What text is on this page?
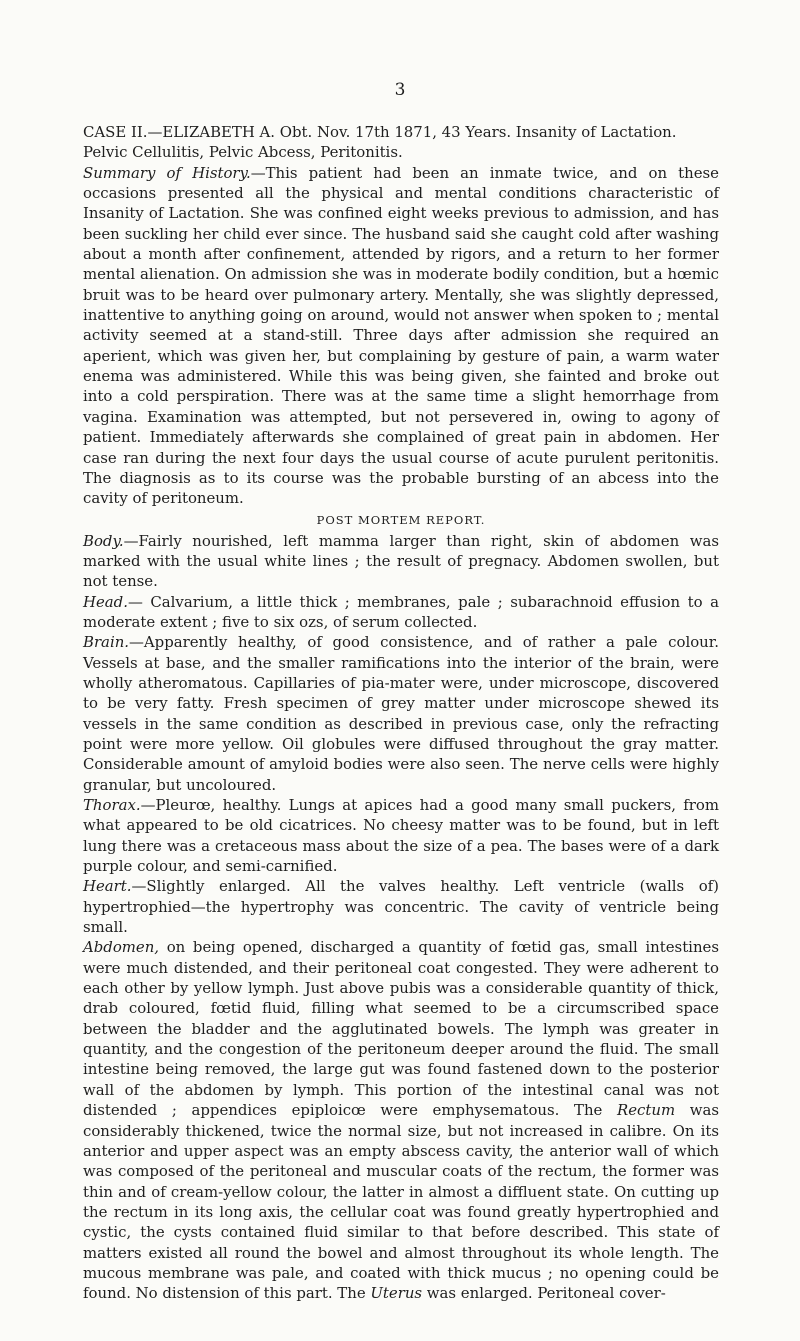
3

CASE II.—ELIZABETH A. Obt. Nov. 17th 1871, 43 Years. Insanity of Lactation. Pelvic Cellulitis, Pelvic Abcess, Peritonitis.

Summary of History.—This patient had been an inmate twice, and on these occasions presented all the physical and mental conditions characteristic of Insanity of Lactation. She was confined eight weeks previous to admission, and has been suckling her child ever since. The husband said she caught cold after washing about a month after confinement, attended by rigors, and a return to her former mental alienation. On admission she was in moderate bodily condition, but a hœmic bruit was to be heard over pulmonary artery. Mentally, she was slightly depressed, inattentive to anything going on around, would not answer when spoken to ; mental activity seemed at a stand-still. Three days after admission she required an aperient, which was given her, but complaining by gesture of pain, a warm water enema was administered. While this was being given, she fainted and broke out into a cold perspiration. There was at the same time a slight hemorrhage from vagina. Examination was attempted, but not persevered in, owing to agony of patient. Immediately afterwards she complained of great pain in abdomen. Her case ran during the next four days the usual course of acute purulent peritonitis. The diagnosis as to its course was the probable bursting of an abcess into the cavity of peritoneum.

POST MORTEM REPORT.

Body.—Fairly nourished, left mamma larger than right, skin of abdomen was marked with the usual white lines ; the result of pregnacy. Abdomen swollen, but not tense.

Head.— Calvarium, a little thick ; membranes, pale ; subarachnoid effusion to a moderate extent ; five to six ozs, of serum collected.

Brain.—Apparently healthy, of good consistence, and of rather a pale colour. Vessels at base, and the smaller ramifications into the interior of the brain, were wholly atheromatous. Capillaries of pia-mater were, under microscope, discovered to be very fatty. Fresh specimen of grey matter under microscope shewed its vessels in the same condition as described in previous case, only the refracting point were more yellow. Oil globules were diffused throughout the gray matter. Considerable amount of amyloid bodies were also seen. The nerve cells were highly granular, but uncoloured.

Thorax.—Pleurœ, healthy. Lungs at apices had a good many small puckers, from what appeared to be old cicatrices. No cheesy matter was to be found, but in left lung there was a cretaceous mass about the size of a pea. The bases were of a dark purple colour, and semi-carnified.

Heart.—Slightly enlarged. All the valves healthy. Left ventricle (walls of) hypertrophied—the hypertrophy was concentric. The cavity of ventricle being small.

Abdomen, on being opened, discharged a quantity of fœtid gas, small intestines were much distended, and their peritoneal coat congested. They were adherent to each other by yellow lymph. Just above pubis was a considerable quantity of thick, drab coloured, fœtid fluid, filling what seemed to be a circumscribed space between the bladder and the agglutinated bowels. The lymph was greater in quantity, and the congestion of the peritoneum deeper around the fluid. The small intestine being removed, the large gut was found fastened down to the posterior wall of the abdomen by lymph. This portion of the intestinal canal was not distended ; appendices epiploicœ were emphysematous. The Rectum was considerably thickened, twice the normal size, but not increased in calibre. On its anterior and upper aspect was an empty abscess cavity, the anterior wall of which was composed of the peritoneal and muscular coats of the rectum, the former was thin and of cream-yellow colour, the latter in almost a diffluent state. On cutting up the rectum in its long axis, the cellular coat was found greatly hypertrophied and cystic, the cysts contained fluid similar to that before described. This state of matters existed all round the bowel and almost throughout its whole length. The mucous membrane was pale, and coated with thick mucus ; no opening could be found. No distension of this part. The Uterus was enlarged. Peritoneal cover-
